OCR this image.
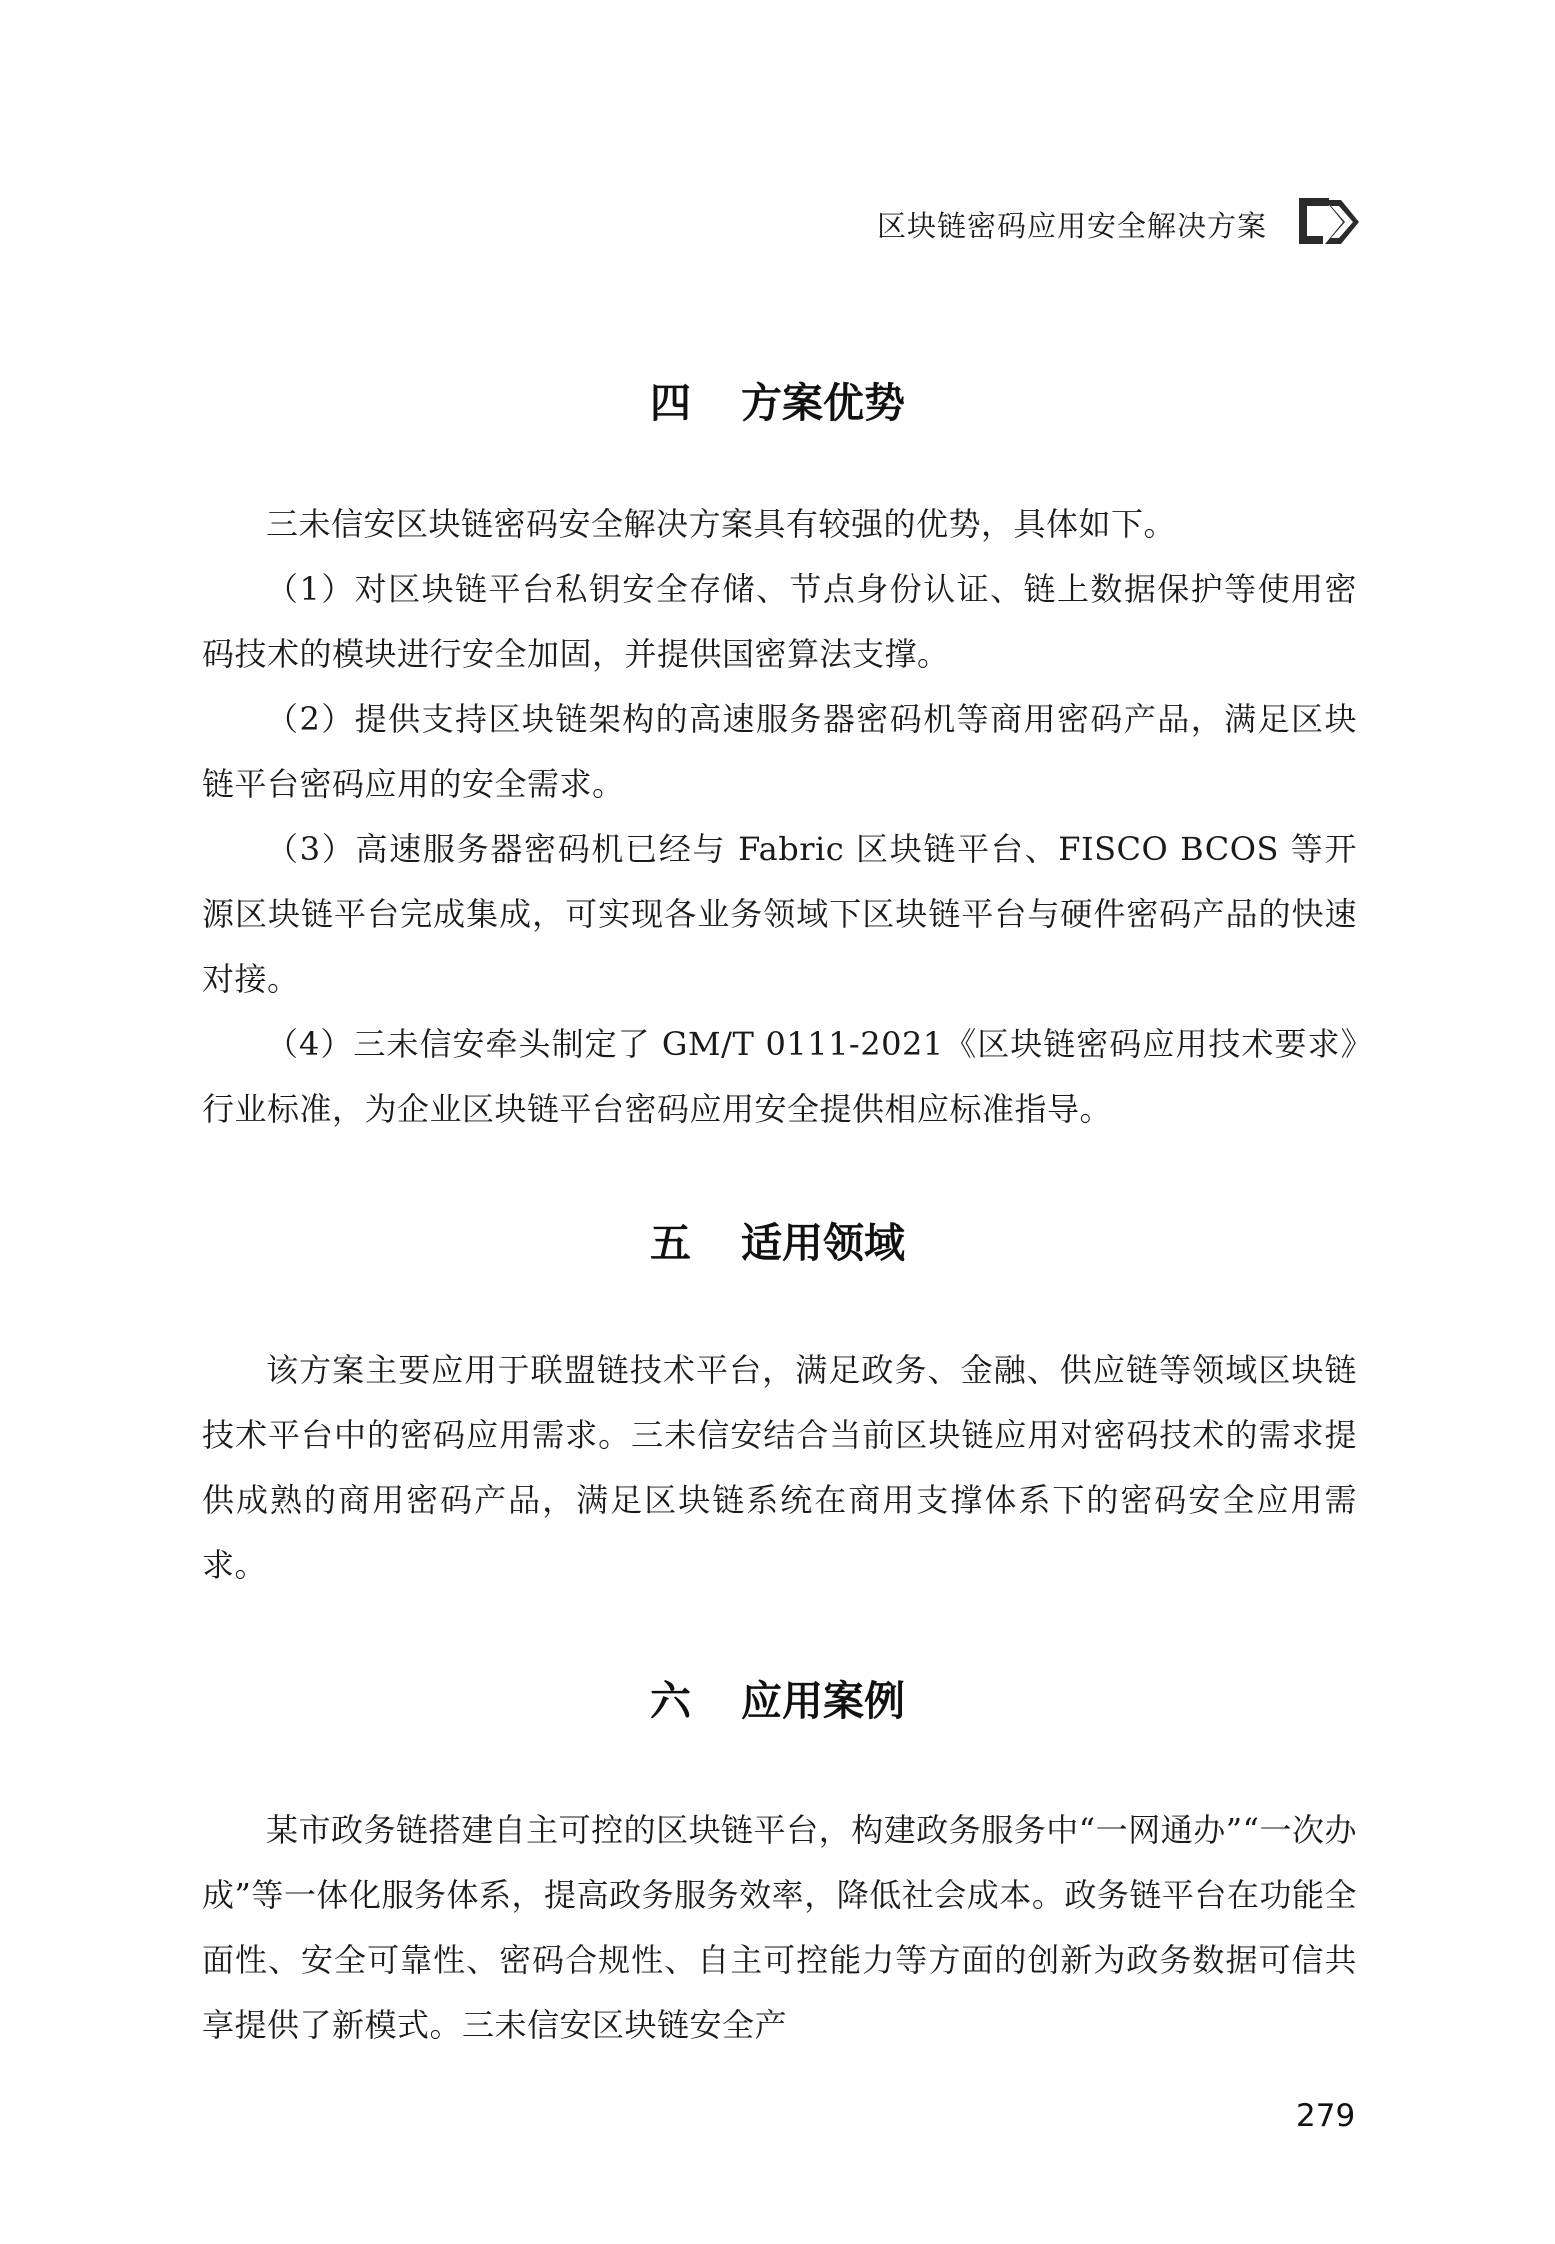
区块链密码应用安全解决方案
四 方案优势

三未信安区块链密码安全解决方案具有较强的优势，具体如下。

（1）对区块链平台私钥安全存储、节点身份认证、链上数据保护等使用密码技术的模块进行安全加固，并提供国密算法支撑。

（2）提供支持区块链架构的高速服务器密码机等商用密码产品，满足区块链平台密码应用的安全需求。

（3）高速服务器密码机已经与 Fabric 区块链平台、FISCO BCOS 等开源区块链平台完成集成，可实现各业务领域下区块链平台与硬件密码产品的快速对接。

（4）三未信安牵头制定了 GM/T 0111-2021《区块链密码应用技术要求》行业标准，为企业区块链平台密码应用安全提供相应标准指导。

五 适用领域

该方案主要应用于联盟链技术平台，满足政务、金融、供应链等领域区块链技术平台中的密码应用需求。三未信安结合当前区块链应用对密码技术的需求提供成熟的商用密码产品，满足区块链系统在商用支撑体系下的密码安全应用需求。

六 应用案例

某市政务链搭建自主可控的区块链平台，构建政务服务中“一网通办”“一次办成”等一体化服务体系，提高政务服务效率，降低社会成本。政务链平台在功能全面性、安全可靠性、密码合规性、自主可控能力等方面的创新为政务数据可信共享提供了新模式。三未信安区块链安全产

279
